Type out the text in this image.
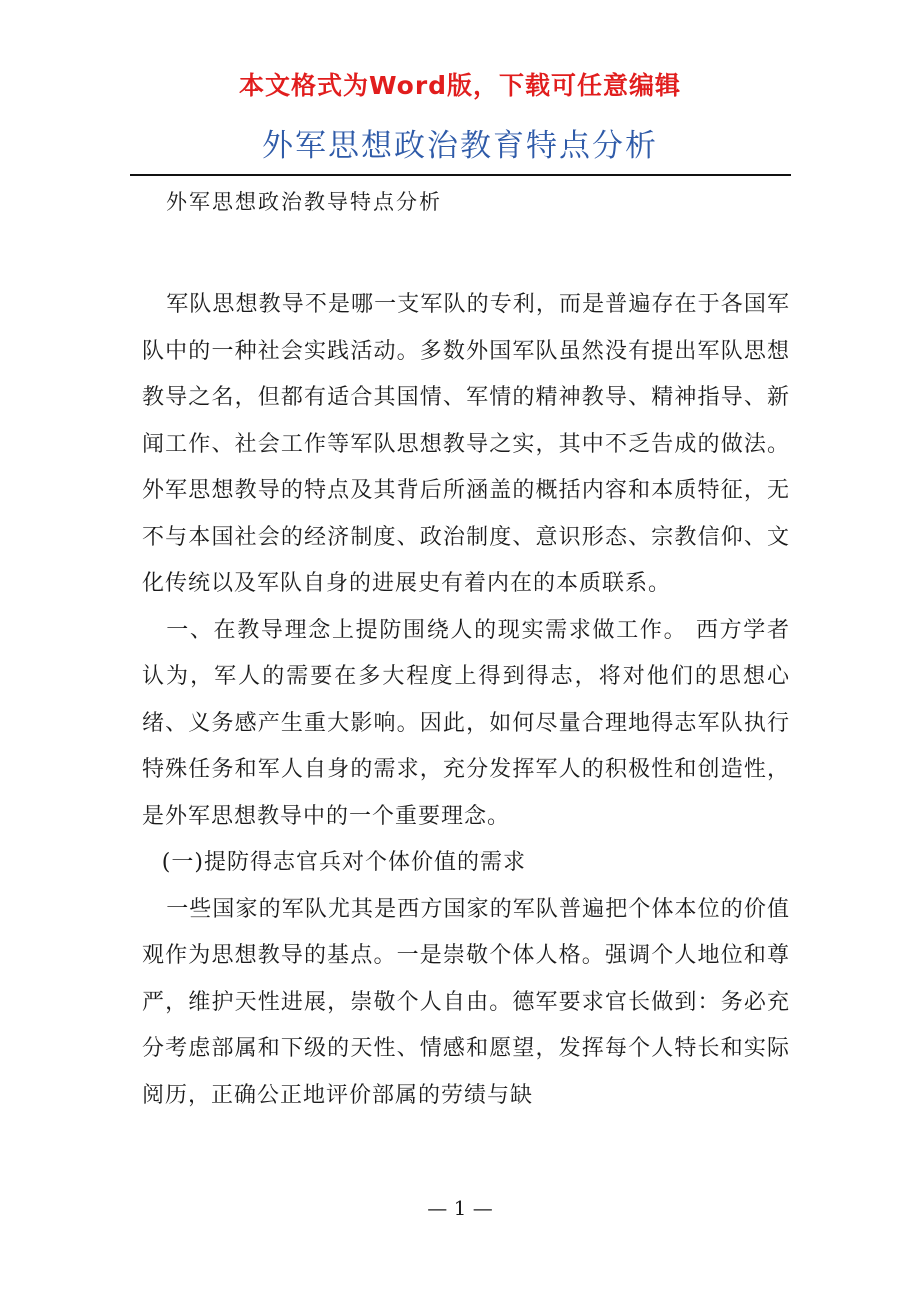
本文格式为Word版，下载可任意编辑
外军思想政治教育特点分析
外军思想政治教导特点分析

军队思想教导不是哪一支军队的专利，而是普遍存在于各国军队中的一种社会实践活动。多数外国军队虽然没有提出军队思想教导之名，但都有适合其国情、军情的精神教导、精神指导、新闻工作、社会工作等军队思想教导之实，其中不乏告成的做法。外军思想教导的特点及其背后所涵盖的概括内容和本质特征，无不与本国社会的经济制度、政治制度、意识形态、宗教信仰、文化传统以及军队自身的进展史有着内在的本质联系。

一、在教导理念上提防围绕人的现实需求做工作。 西方学者认为，军人的需要在多大程度上得到得志，将对他们的思想心绪、义务感产生重大影响。因此，如何尽量合理地得志军队执行特殊任务和军人自身的需求，充分发挥军人的积极性和创造性，是外军思想教导中的一个重要理念。

(一)提防得志官兵对个体价值的需求

一些国家的军队尤其是西方国家的军队普遍把个体本位的价值观作为思想教导的基点。一是崇敬个体人格。强调个人地位和尊严，维护天性进展，崇敬个人自由。德军要求官长做到：务必充分考虑部属和下级的天性、情感和愿望，发挥每个人特长和实际阅历，正确公正地评价部属的劳绩与缺

— 1 —
